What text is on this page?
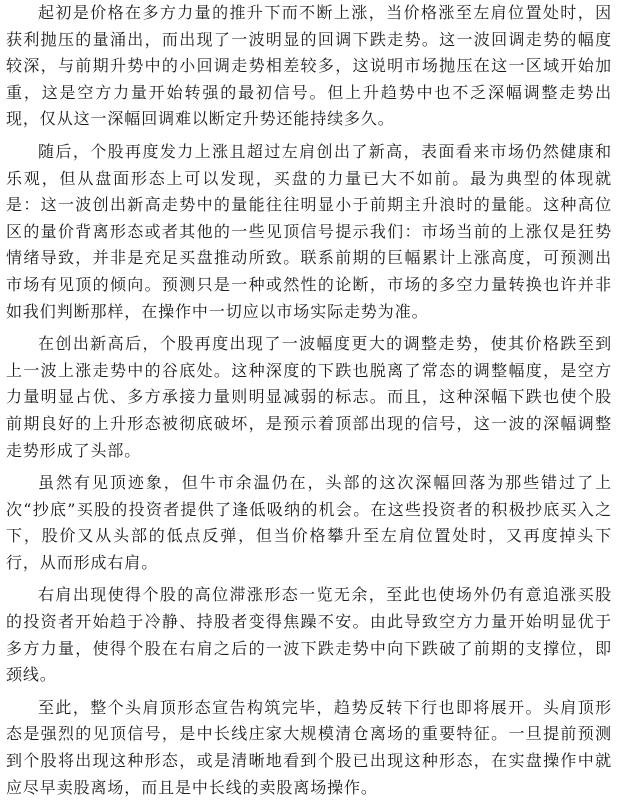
起初是价格在多方力量的推升下而不断上涨，当价格涨至左肩位置处时，因获利抛压的量涌出，而出现了一波明显的回调下跌走势。这一波回调走势的幅度较深，与前期升势中的小回调走势相差较多，这说明市场抛压在这一区域开始加重，这是空方力量开始转强的最初信号。但上升趋势中也不乏深幅调整走势出现，仅从这一深幅回调难以断定升势还能持续多久。

随后，个股再度发力上涨且超过左肩创出了新高，表面看来市场仍然健康和乐观，但从盘面形态上可以发现，买盘的力量已大不如前。最为典型的体现就是：这一波创出新高走势中的量能往往明显小于前期主升浪时的量能。这种高位区的量价背离形态或者其他的一些见顶信号提示我们：市场当前的上涨仅是狂势情绪导致，并非是充足买盘推动所致。联系前期的巨幅累计上涨高度，可预测出市场有见顶的倾向。预测只是一种或然性的论断，市场的多空力量转换也许并非如我们判断那样，在操作中一切应以市场实际走势为准。

在创出新高后，个股再度出现了一波幅度更大的调整走势，使其价格跌至到上一波上涨走势中的谷底处。这种深度的下跌也脱离了常态的调整幅度，是空方力量明显占优、多方承接力量则明显减弱的标志。而且，这种深幅下跌也使个股前期良好的上升形态被彻底破坏，是预示着顶部出现的信号，这一波的深幅调整走势形成了头部。

虽然有见顶迹象，但牛市余温仍在，头部的这次深幅回落为那些错过了上次“抄底”买股的投资者提供了逢低吸纳的机会。在这些投资者的积极抄底买入之下，股价又从头部的低点反弹，但当价格攀升至左肩位置处时，又再度掉头下行，从而形成右肩。

右肩出现使得个股的高位滞涨形态一览无余，至此也使场外仍有意追涨买股的投资者开始趋于冷静、持股者变得焦躁不安。由此导致空方力量开始明显优于多方力量，使得个股在右肩之后的一波下跌走势中向下跌破了前期的支撑位，即颈线。

至此，整个头肩顶形态宣告构筑完毕，趋势反转下行也即将展开。头肩顶形态是强烈的见顶信号，是中长线庄家大规模清仓离场的重要特征。一旦提前预测到个股将出现这种形态，或是清晰地看到个股已出现这种形态，在实盘操作中就应尽早卖股离场，而且是中长线的卖股离场操作。
